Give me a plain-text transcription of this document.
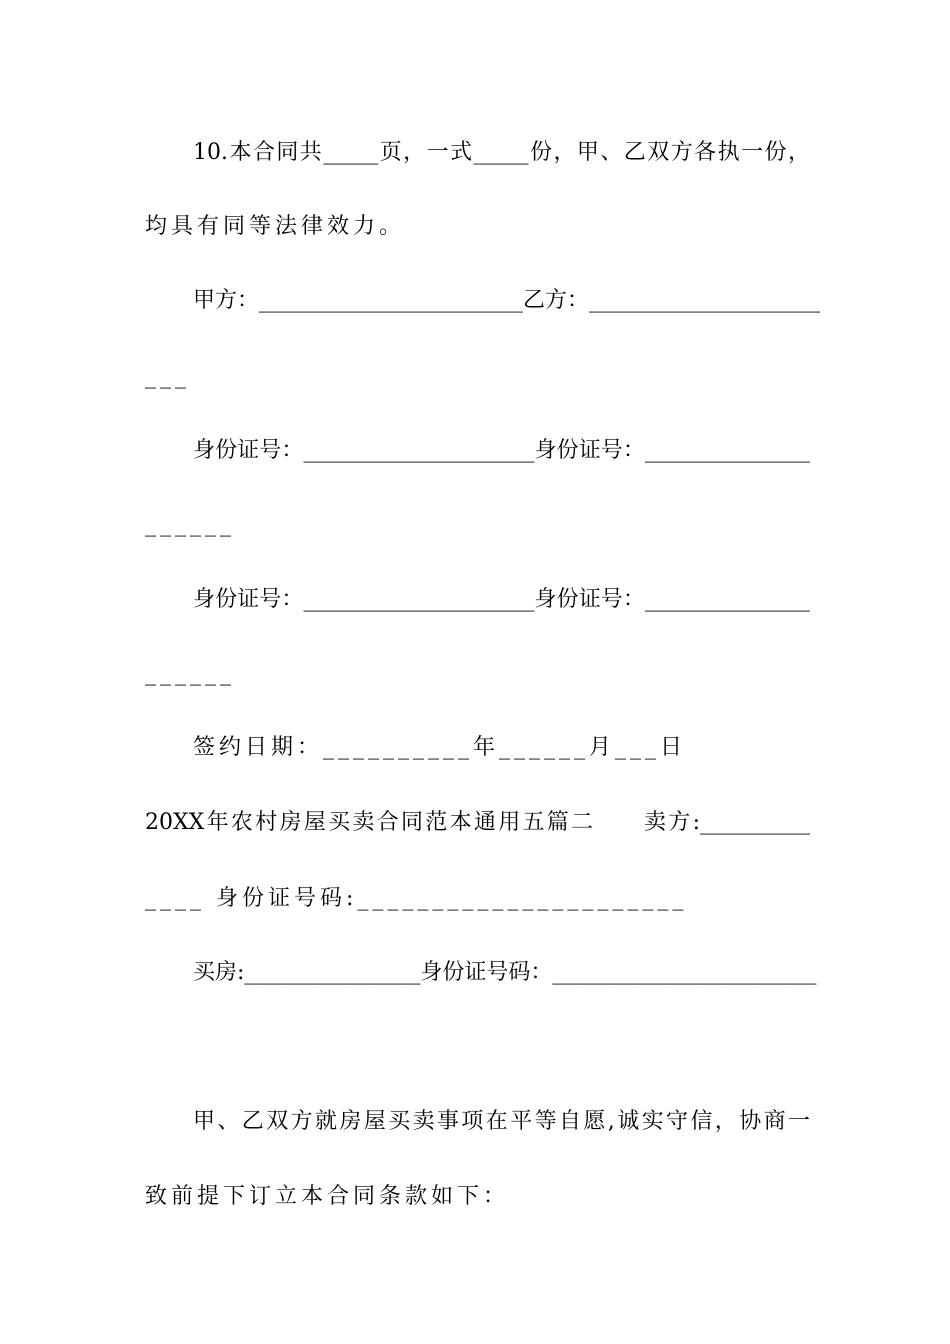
10.本合同共_____页，一式_____份，甲、乙双方各执一份，
均具有同等法律效力。
甲方：________________________乙方：_____________________
___
身份证号：_____________________身份证号：_______________
______
身份证号：_____________________身份证号：_______________
______
签约日期：__________年______月___日
20XX年农村房屋买卖合同范本通用五篇二　　卖方:__________
____ 身份证号码:______________________
买房:________________身份证号码：________________________
甲、乙双方就房屋买卖事项在平等自愿,诚实守信，协商一
致前提下订立本合同条款如下：
